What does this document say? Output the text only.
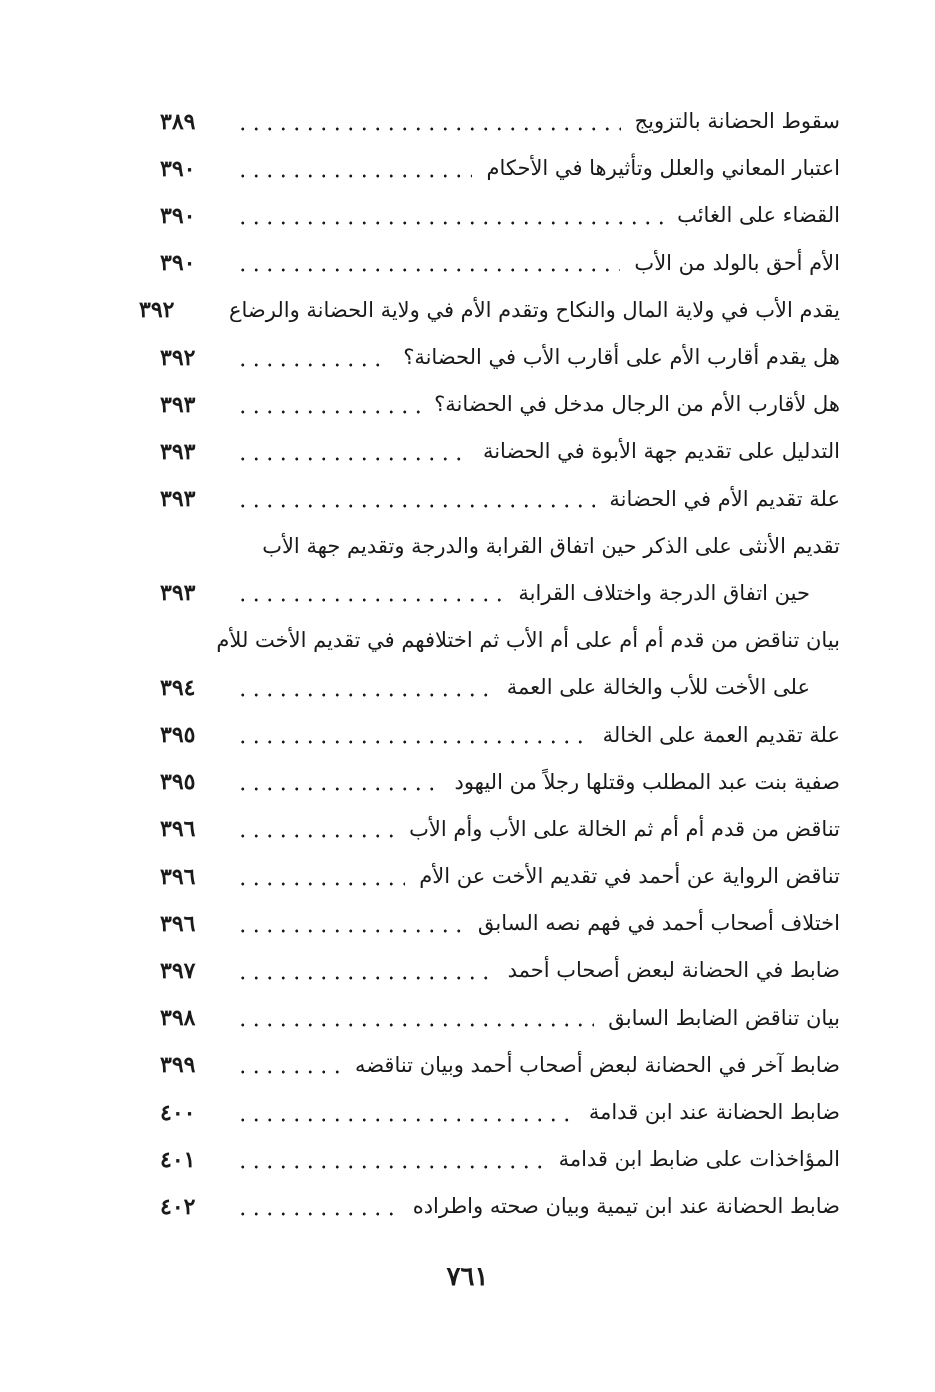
سقوط الحضانة بالتزويج
٣٨٩
اعتبار المعاني والعلل وتأثيرها في الأحكام
٣٩٠
القضاء على الغائب
٣٩٠
الأم أحق بالولد من الأب
٣٩٠
يقدم الأب في ولاية المال والنكاح وتقدم الأم في ولاية الحضانة والرضاع
٣٩٢
هل يقدم أقارب الأم على أقارب الأب في الحضانة؟
٣٩٢
هل لأقارب الأم من الرجال مدخل في الحضانة؟
٣٩٣
التدليل على تقديم جهة الأبوة في الحضانة
٣٩٣
علة تقديم الأم في الحضانة
٣٩٣
تقديم الأنثى على الذكر حين اتفاق القرابة والدرجة وتقديم جهة الأب
حين اتفاق الدرجة واختلاف القرابة
٣٩٣
بيان تناقض من قدم أم أم على أم الأب ثم اختلافهم في تقديم الأخت للأم
على الأخت للأب والخالة على العمة
٣٩٤
علة تقديم العمة على الخالة
٣٩٥
صفية بنت عبد المطلب وقتلها رجلاً من اليهود
٣٩٥
تناقض من قدم أم أم ثم الخالة على الأب وأم الأب
٣٩٦
تناقض الرواية عن أحمد في تقديم الأخت عن الأم
٣٩٦
اختلاف أصحاب أحمد في فهم نصه السابق
٣٩٦
ضابط في الحضانة لبعض أصحاب أحمد
٣٩٧
بيان تناقض الضابط السابق
٣٩٨
ضابط آخر في الحضانة لبعض أصحاب أحمد وبيان تناقضه
٣٩٩
ضابط الحضانة عند ابن قدامة
٤٠٠
المؤاخذات على ضابط ابن قدامة
٤٠١
ضابط الحضانة عند ابن تيمية وبيان صحته واطراده
٤٠٢
٧٦١
